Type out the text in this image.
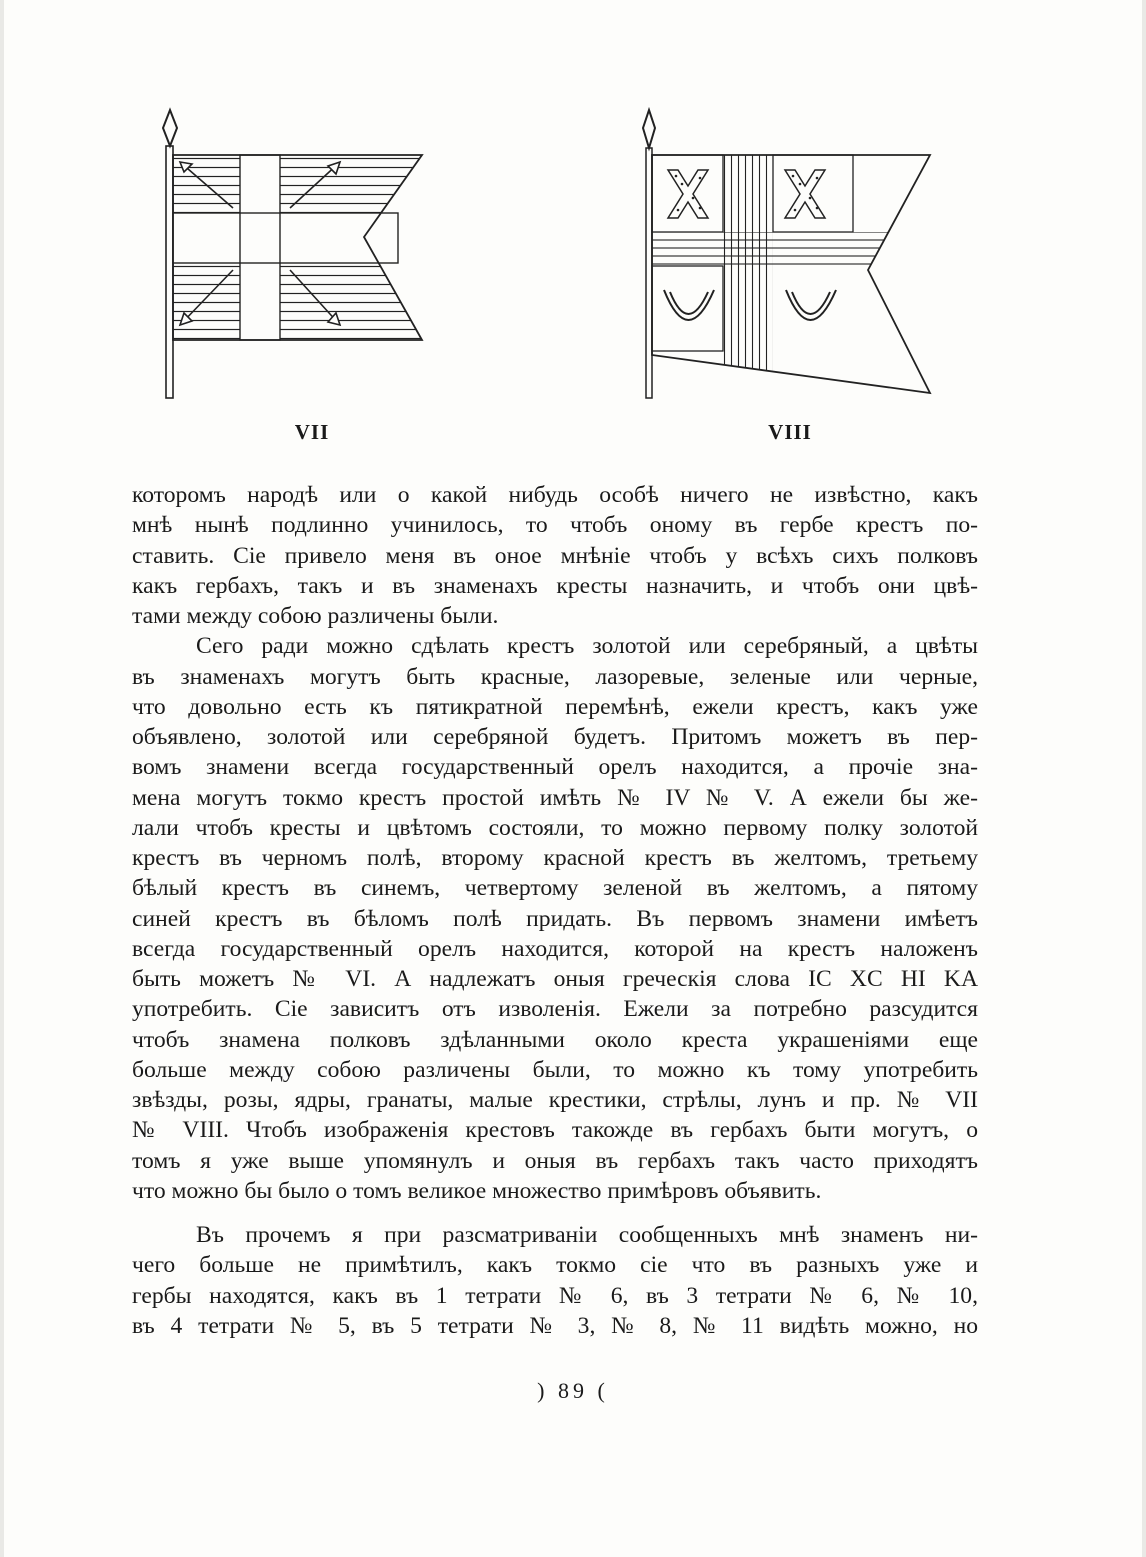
VII	VIII
которомъ народѣ или о какой нибудь особѣ ничего не извѣстно, какъ
мнѣ нынѣ подлинно учинилось, то чтобъ оному въ гербе крестъ по-
ставить. Сіе привело меня въ оное мнѣніе чтобъ у всѣхъ сихъ полковъ
какъ гербахъ, такъ и въ знаменахъ кресты назначить, и чтобъ они цвѣ-
тами между собою различены были.
Сего ради можно сдѣлать крестъ золотой или серебряный, а цвѣты
въ знаменахъ могутъ быть красные, лазоревые, зеленые или черные,
что довольно есть къ пятикратной перемѣнѣ, ежели крестъ, какъ уже
объявлено, золотой или серебряной будетъ. Притомъ можетъ въ пер-
вомъ знамени всегда государственный орелъ находится, а прочіе зна-
мена могутъ токмо крестъ простой имѣть № IV № V. А ежели бы же-
лали чтобъ кресты и цвѣтомъ состояли, то можно первому полку золотой
крестъ въ черномъ полѣ, второму красной крестъ въ желтомъ, третьему
бѣлый крестъ въ синемъ, четвертому зеленой въ желтомъ, а пятому
синей крестъ въ бѣломъ полѣ придать. Въ первомъ знамени имѣетъ
всегда государственный орелъ находится, которой на крестъ наложенъ
быть можетъ № VI. А надлежатъ оныя греческія слова IC XC HI KA
употребить. Сіе зависитъ отъ изволенія. Ежели за потребно разсудится
чтобъ знамена полковъ здѣланными около креста украшеніями еще
больше между собою различены были, то можно къ тому употребить
звѣзды, розы, ядры, гранаты, малые крестики, стрѣлы, лунъ и пр. № VII
№ VIII. Чтобъ изображенія крестовъ такожде въ гербахъ быти могутъ, о
томъ я уже выше упомянулъ и оныя въ гербахъ такъ часто приходятъ
что можно бы было о томъ великое множество примѣровъ объявить.
Въ прочемъ я при разсматриваніи сообщенныхъ мнѣ знаменъ ни-
чего больше не примѣтилъ, какъ токмо сіе что въ разныхъ уже и
гербы находятся, какъ въ 1 тетрати № 6, въ 3 тетрати № 6, № 10,
въ 4 тетрати № 5, въ 5 тетрати № 3, № 8, № 11 видѣть можно, но
) 89 (
